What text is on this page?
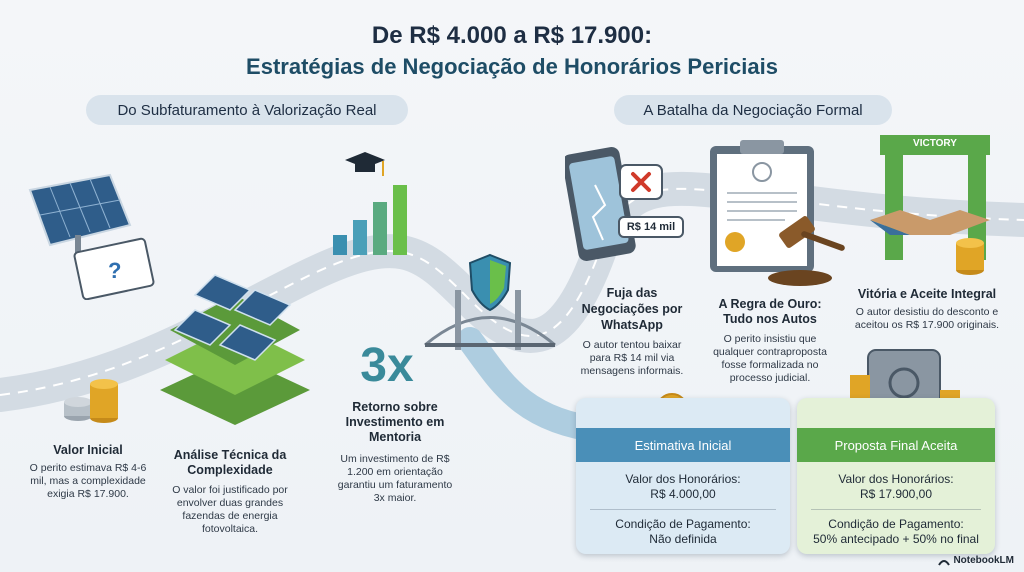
De R$ 4.000 a R$ 17.900:
Estratégias de Negociação de Honorários Periciais
Do Subfaturamento à Valorização Real	A Batalha da Negociação Formal
?
R$ 14 mil
VICTORY
3x
Valor Inicial
O perito estimava R$ 4-6 mil, mas a complexidade exigia R$ 17.900.
Análise Técnica da Complexidade
O valor foi justificado por envolver duas grandes fazendas de energia fotovoltaica.
Retorno sobre Investimento em Mentoria
Um investimento de R$ 1.200 em orientação garantiu um faturamento 3x maior.
Fuja das Negociações por WhatsApp
O autor tentou baixar para R$ 14 mil via mensagens informais.
A Regra de Ouro: Tudo nos Autos
O perito insistiu que qualquer contraproposta fosse formalizada no processo judicial.
Vitória e Aceite Integral
O autor desistiu do desconto e aceitou os R$ 17.900 originais.
Estimativa Inicial
Valor dos Honorários:
R$ 4.000,00
Condição de Pagamento:
Não definida
Proposta Final Aceita
Valor dos Honorários:
R$ 17.900,00
Condição de Pagamento:
50% antecipado + 50% no final
NotebookLM
